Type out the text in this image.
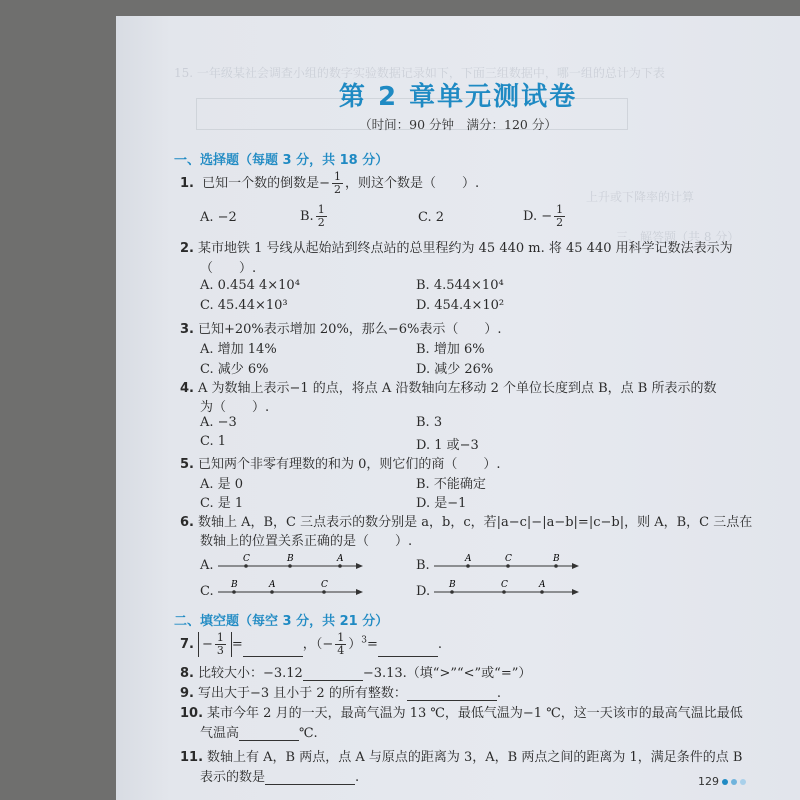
15. 一年级某社会调查小组的数字实验数据记录如下，下面三组数据中，哪一组的总计为下表
上升或下降率的计算
三、解答题（共 8 分）
第 2 章单元测试卷
（时间：90 分钟　满分：120 分）
一、选择题（每题 3 分，共 18 分）
1. 已知一个数的倒数是− $\frac{1}{2}$ ，则这个数是（　　）.
A. −2	B. $\frac{1}{2}$	C. 2	D. − $\frac{1}{2}$
2. 某市地铁 1 号线从起始站到终点站的总里程约为 45 440 m. 将 45 440 用科学记数法表示为
（　　）.
A. 0.454 4×10⁴	B. 4.544×10⁴
C. 45.44×10³	D. 454.4×10²
3. 已知+20%表示增加 20%，那么−6%表示（　　）.
A. 增加 14%	B. 增加 6%
C. 减少 6%	D. 减少 26%
4. A 为数轴上表示−1 的点，将点 A 沿数轴向左移动 2 个单位长度到点 B，点 B 所表示的数
为（　　）.
A. −3	B. 3
C. 1	D. 1 或−3
5. 已知两个非零有理数的和为 0，则它们的商（　　）.
A. 是 0	B. 不能确定
C. 是 1	D. 是−1
6. 数轴上 A，B，C 三点表示的数分别是 a，b，c，若|a−c|−|a−b|=|c−b|，则 A，B，C 三点在
数轴上的位置关系正确的是（　　）.
A.	C	B	A	B.	A	C	B
C. B	A	C	D. B	C	A
二、填空题（每空 3 分，共 21 分）
7. − $\frac{1}{3}$ =	，（− $\frac{1}{4} )^3=$	.
8. 比较大小：−3.12	−3.13.（填“>”“<”或“=”）
9. 写出大于−3 且小于 2 的所有整数：	.
10. 某市今年 2 月的一天，最高气温为 13 ℃，最低气温为−1 ℃，这一天该市的最高气温比最低
气温高	℃.
11. 数轴上有 A，B 两点，点 A 与原点的距离为 3，A，B 两点之间的距离为 1，满足条件的点 B
表示的数是	.	129
